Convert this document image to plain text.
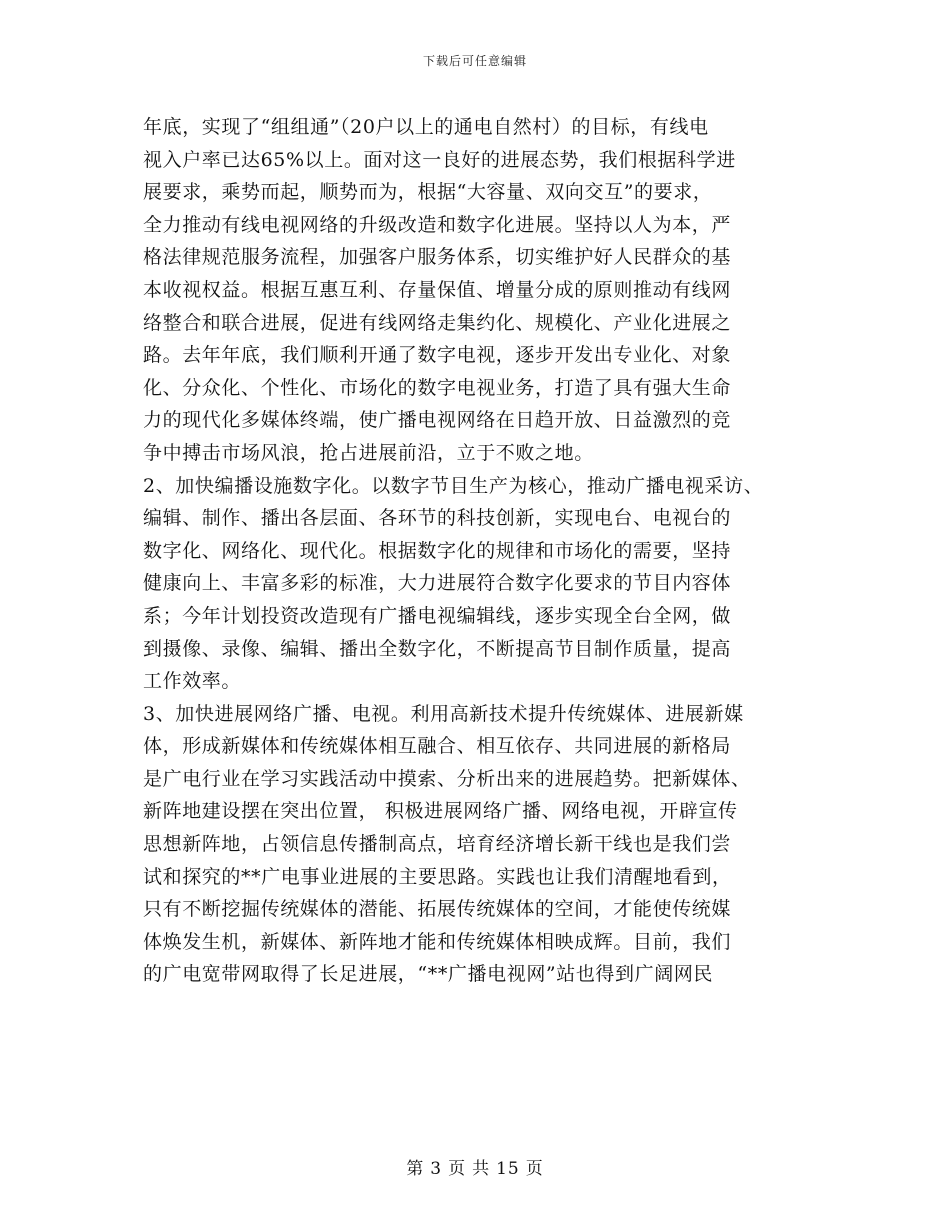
下载后可任意编辑
年底，实现了“组组通”（20户以上的通电自然村）的目标，有线电
视入户率已达65%以上。面对这一良好的进展态势，我们根据科学进
展要求，乘势而起，顺势而为，根据“大容量、双向交互”的要求，
全力推动有线电视网络的升级改造和数字化进展。坚持以人为本，严
格法律规范服务流程，加强客户服务体系，切实维护好人民群众的基
本收视权益。根据互惠互利、存量保值、增量分成的原则推动有线网
络整合和联合进展，促进有线网络走集约化、规模化、产业化进展之
路。去年年底，我们顺利开通了数字电视，逐步开发出专业化、对象
化、分众化、个性化、市场化的数字电视业务，打造了具有强大生命
力的现代化多媒体终端，使广播电视网络在日趋开放、日益激烈的竞
争中搏击市场风浪，抢占进展前沿，立于不败之地。
2、加快编播设施数字化。以数字节目生产为核心，推动广播电视采访、
编辑、制作、播出各层面、各环节的科技创新，实现电台、电视台的
数字化、网络化、现代化。根据数字化的规律和市场化的需要，坚持
健康向上、丰富多彩的标准，大力进展符合数字化要求的节目内容体
系；今年计划投资改造现有广播电视编辑线，逐步实现全台全网，做
到摄像、录像、编辑、播出全数字化，不断提高节目制作质量，提高
工作效率。
3、加快进展网络广播、电视。利用高新技术提升传统媒体、进展新媒
体，形成新媒体和传统媒体相互融合、相互依存、共同进展的新格局
是广电行业在学习实践活动中摸索、分析出来的进展趋势。把新媒体、
新阵地建设摆在突出位置， 积极进展网络广播、网络电视，开辟宣传
思想新阵地，占领信息传播制高点，培育经济增长新干线也是我们尝
试和探究的**广电事业进展的主要思路。实践也让我们清醒地看到，
只有不断挖掘传统媒体的潜能、拓展传统媒体的空间，才能使传统媒
体焕发生机，新媒体、新阵地才能和传统媒体相映成辉。目前，我们
的广电宽带网取得了长足进展，“**广播电视网”站也得到广阔网民
第 3 页 共 15 页
